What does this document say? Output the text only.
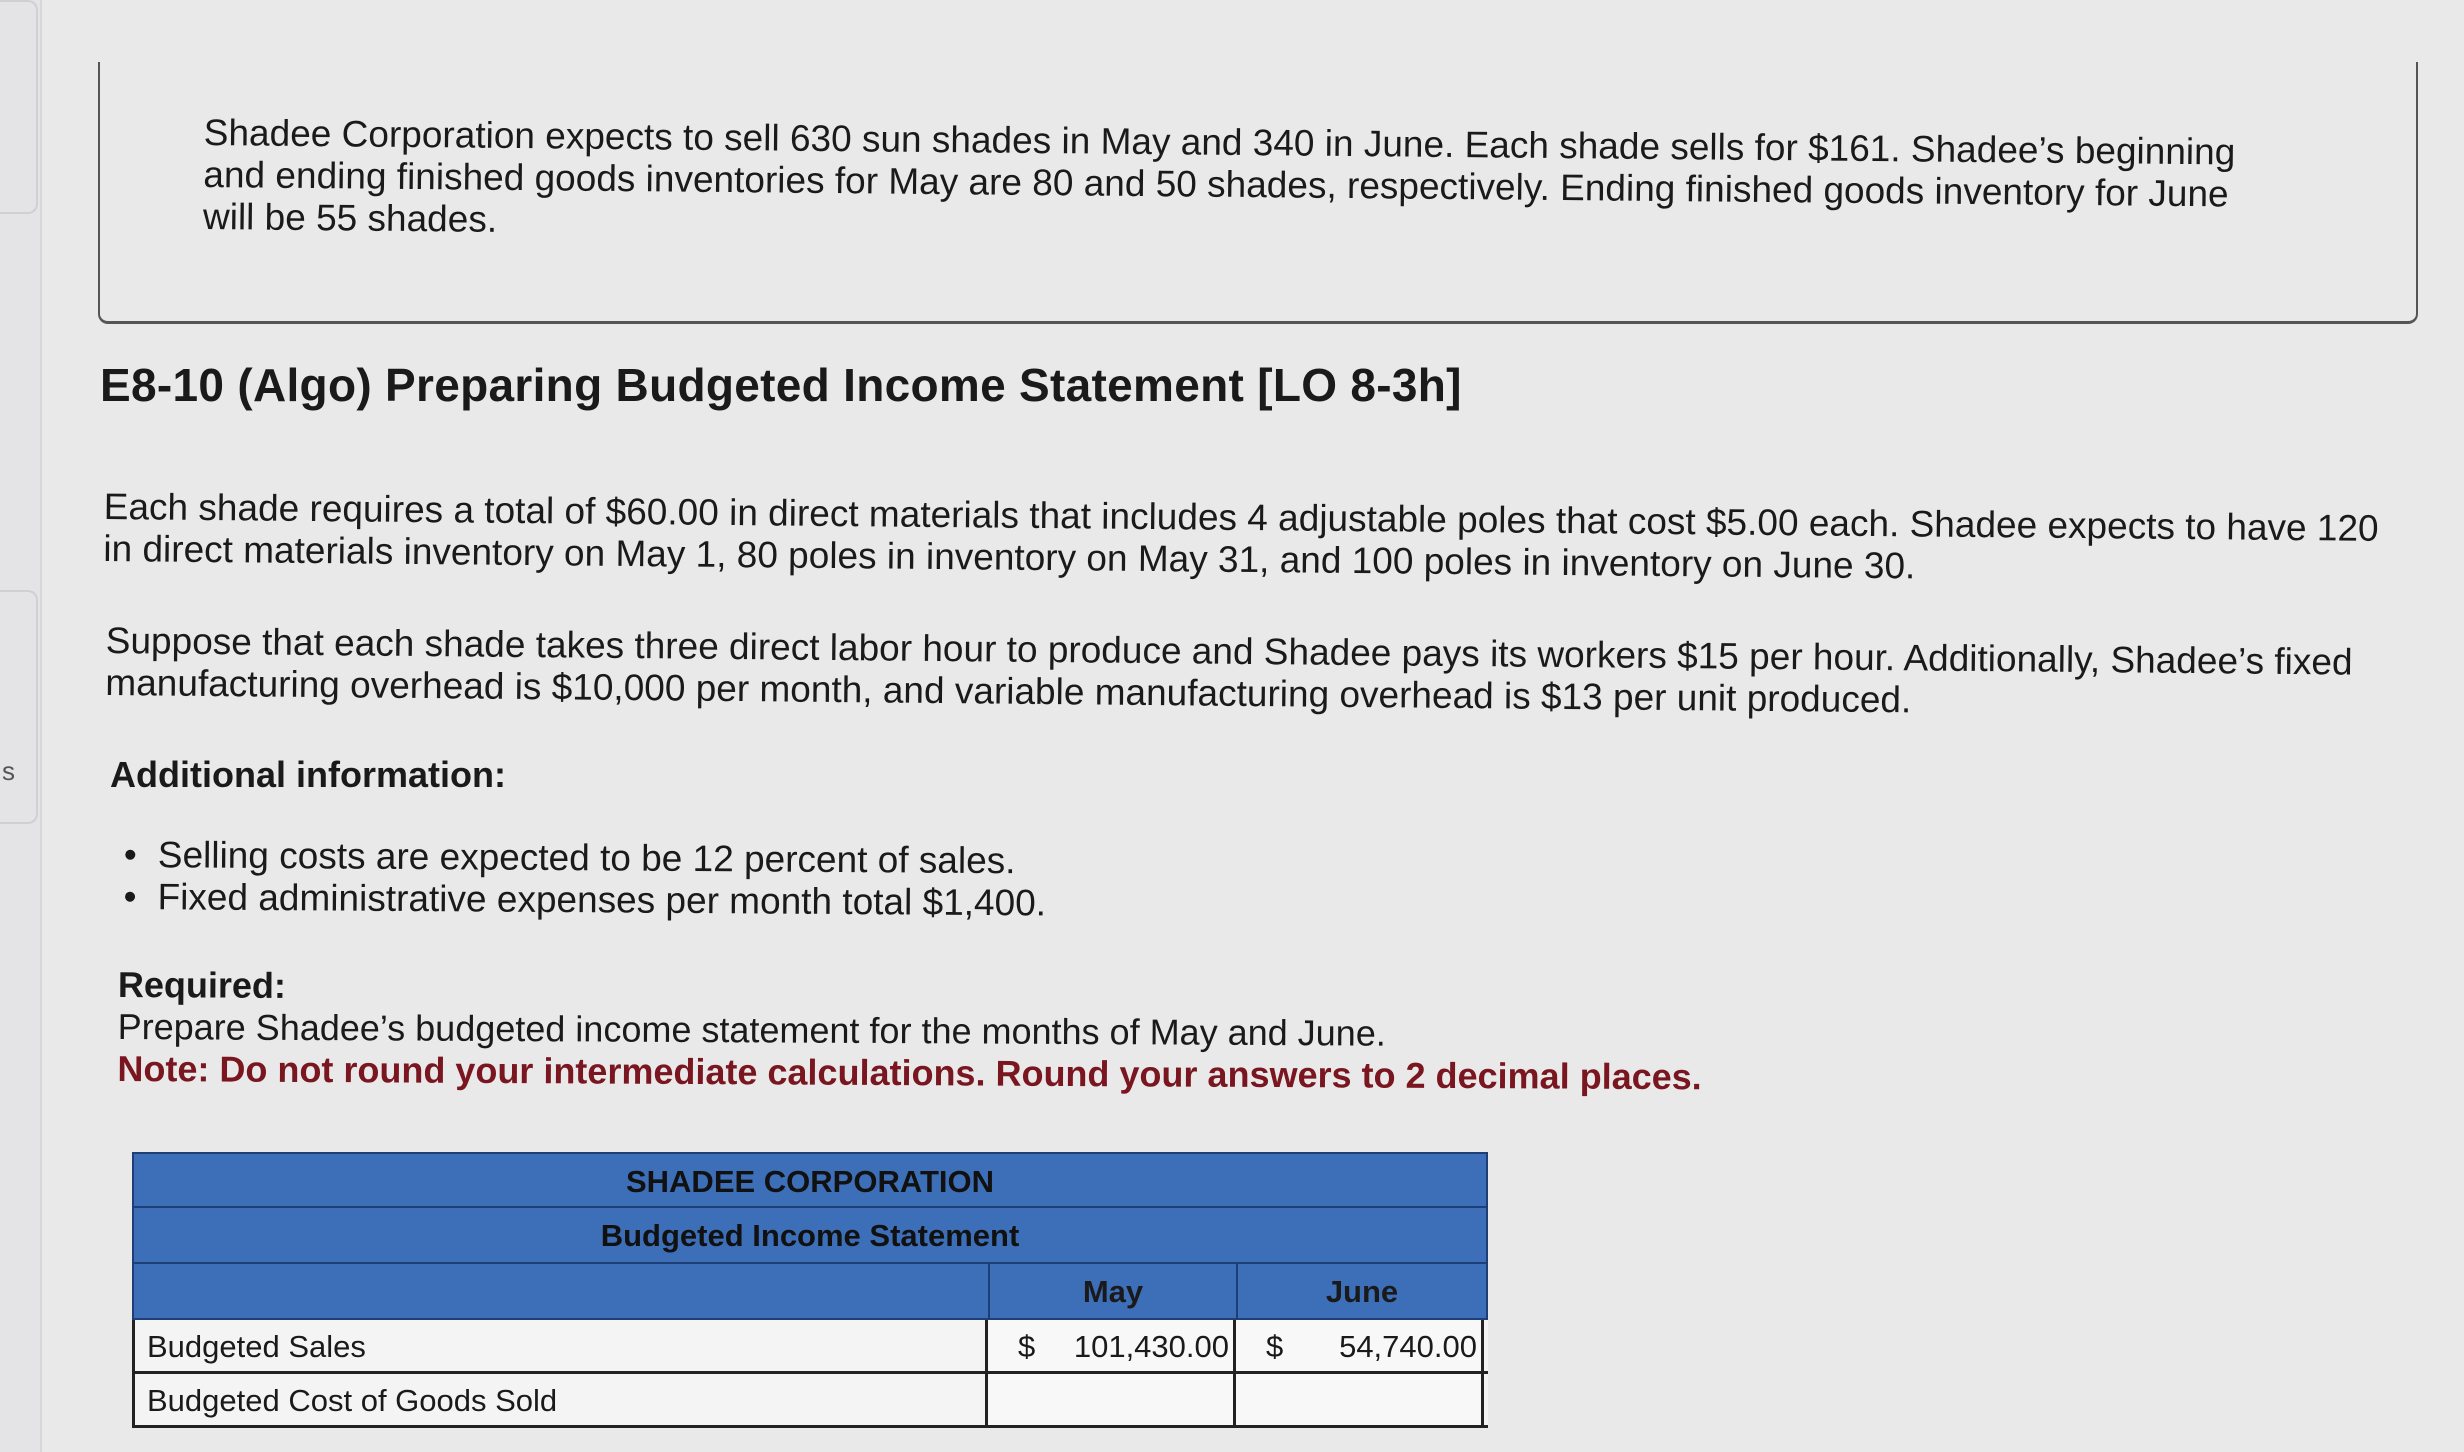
s
Shadee Corporation expects to sell 630 sun shades in May and 340 in June. Each shade sells for $161. Shadee’s beginning and ending finished goods inventories for May are 80 and 50 shades, respectively. Ending finished goods inventory for June will be 55 shades.
E8-10 (Algo) Preparing Budgeted Income Statement [LO 8-3h]
Each shade requires a total of $60.00 in direct materials that includes 4 adjustable poles that cost $5.00 each. Shadee expects to have 120 in direct materials inventory on May 1, 80 poles in inventory on May 31, and 100 poles in inventory on June 30.
Suppose that each shade takes three direct labor hour to produce and Shadee pays its workers $15 per hour. Additionally, Shadee’s fixed manufacturing overhead is $10,000 per month, and variable manufacturing overhead is $13 per unit produced.
Additional information:
• Selling costs are expected to be 12 percent of sales.
• Fixed administrative expenses per month total $1,400.
Required:
Prepare Shadee’s budgeted income statement for the months of May and June.
Note: Do not round your intermediate calculations. Round your answers to 2 decimal places.
SHADEE CORPORATION
Budgeted Income Statement
May	June
Budgeted Sales	$ 101,430.00 $ 54,740.00
Budgeted Cost of Goods Sold
